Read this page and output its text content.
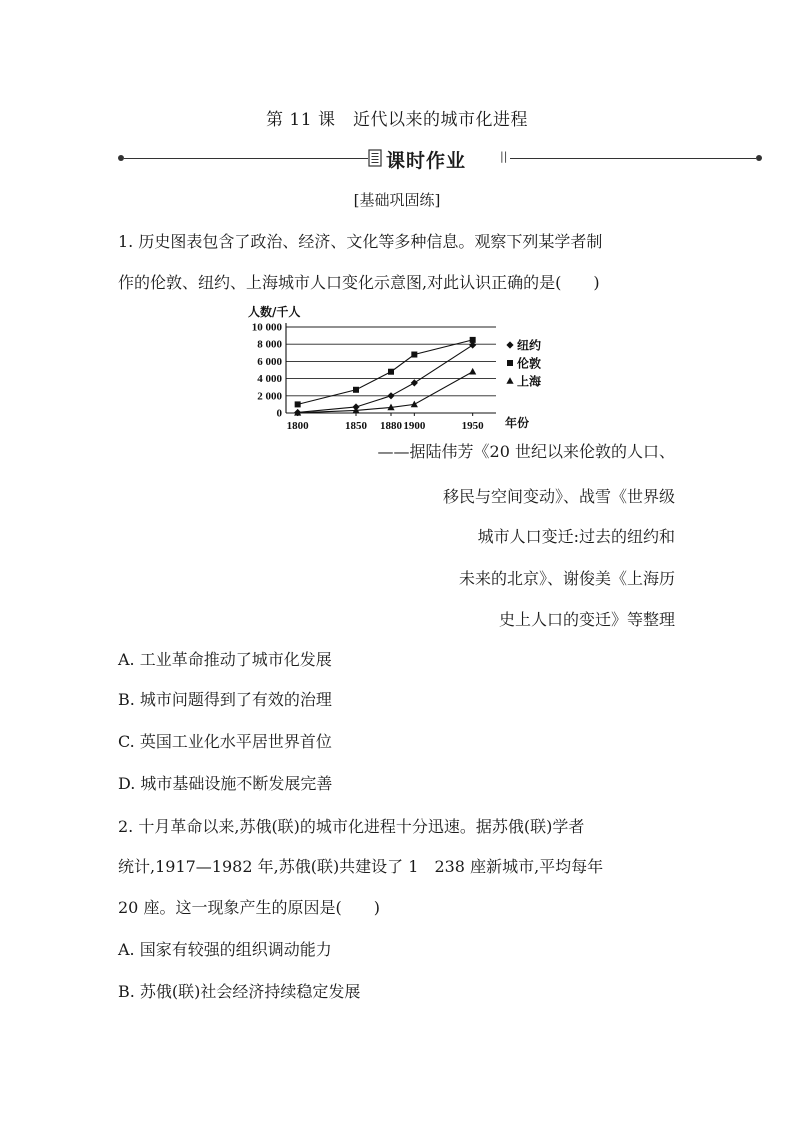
第 11 课　近代以来的城市化进程
课时作业	||
[基础巩固练]
1. 历史图表包含了政治、经济、文化等多种信息。观察下列某学者制
作的伦敦、纽约、上海城市人口变化示意图,对此认识正确的是(　　)
0
2 000
4 000
6 000
8 000
10 000
1800	1850 1880 1900	1950
人数/千人
年份
纽约
伦敦
上海
——据陆伟芳《20 世纪以来伦敦的人口、
移民与空间变动》、战雪《世界级
城市人口变迁:过去的纽约和
未来的北京》、谢俊美《上海历
史上人口的变迁》等整理
A. 工业革命推动了城市化发展
B. 城市问题得到了有效的治理
C. 英国工业化水平居世界首位
D. 城市基础设施不断发展完善
2. 十月革命以来,苏俄(联)的城市化进程十分迅速。据苏俄(联)学者
统计,1917—1982 年,苏俄(联)共建设了 1　238 座新城市,平均每年
20 座。这一现象产生的原因是(　　)
A. 国家有较强的组织调动能力
B. 苏俄(联)社会经济持续稳定发展
